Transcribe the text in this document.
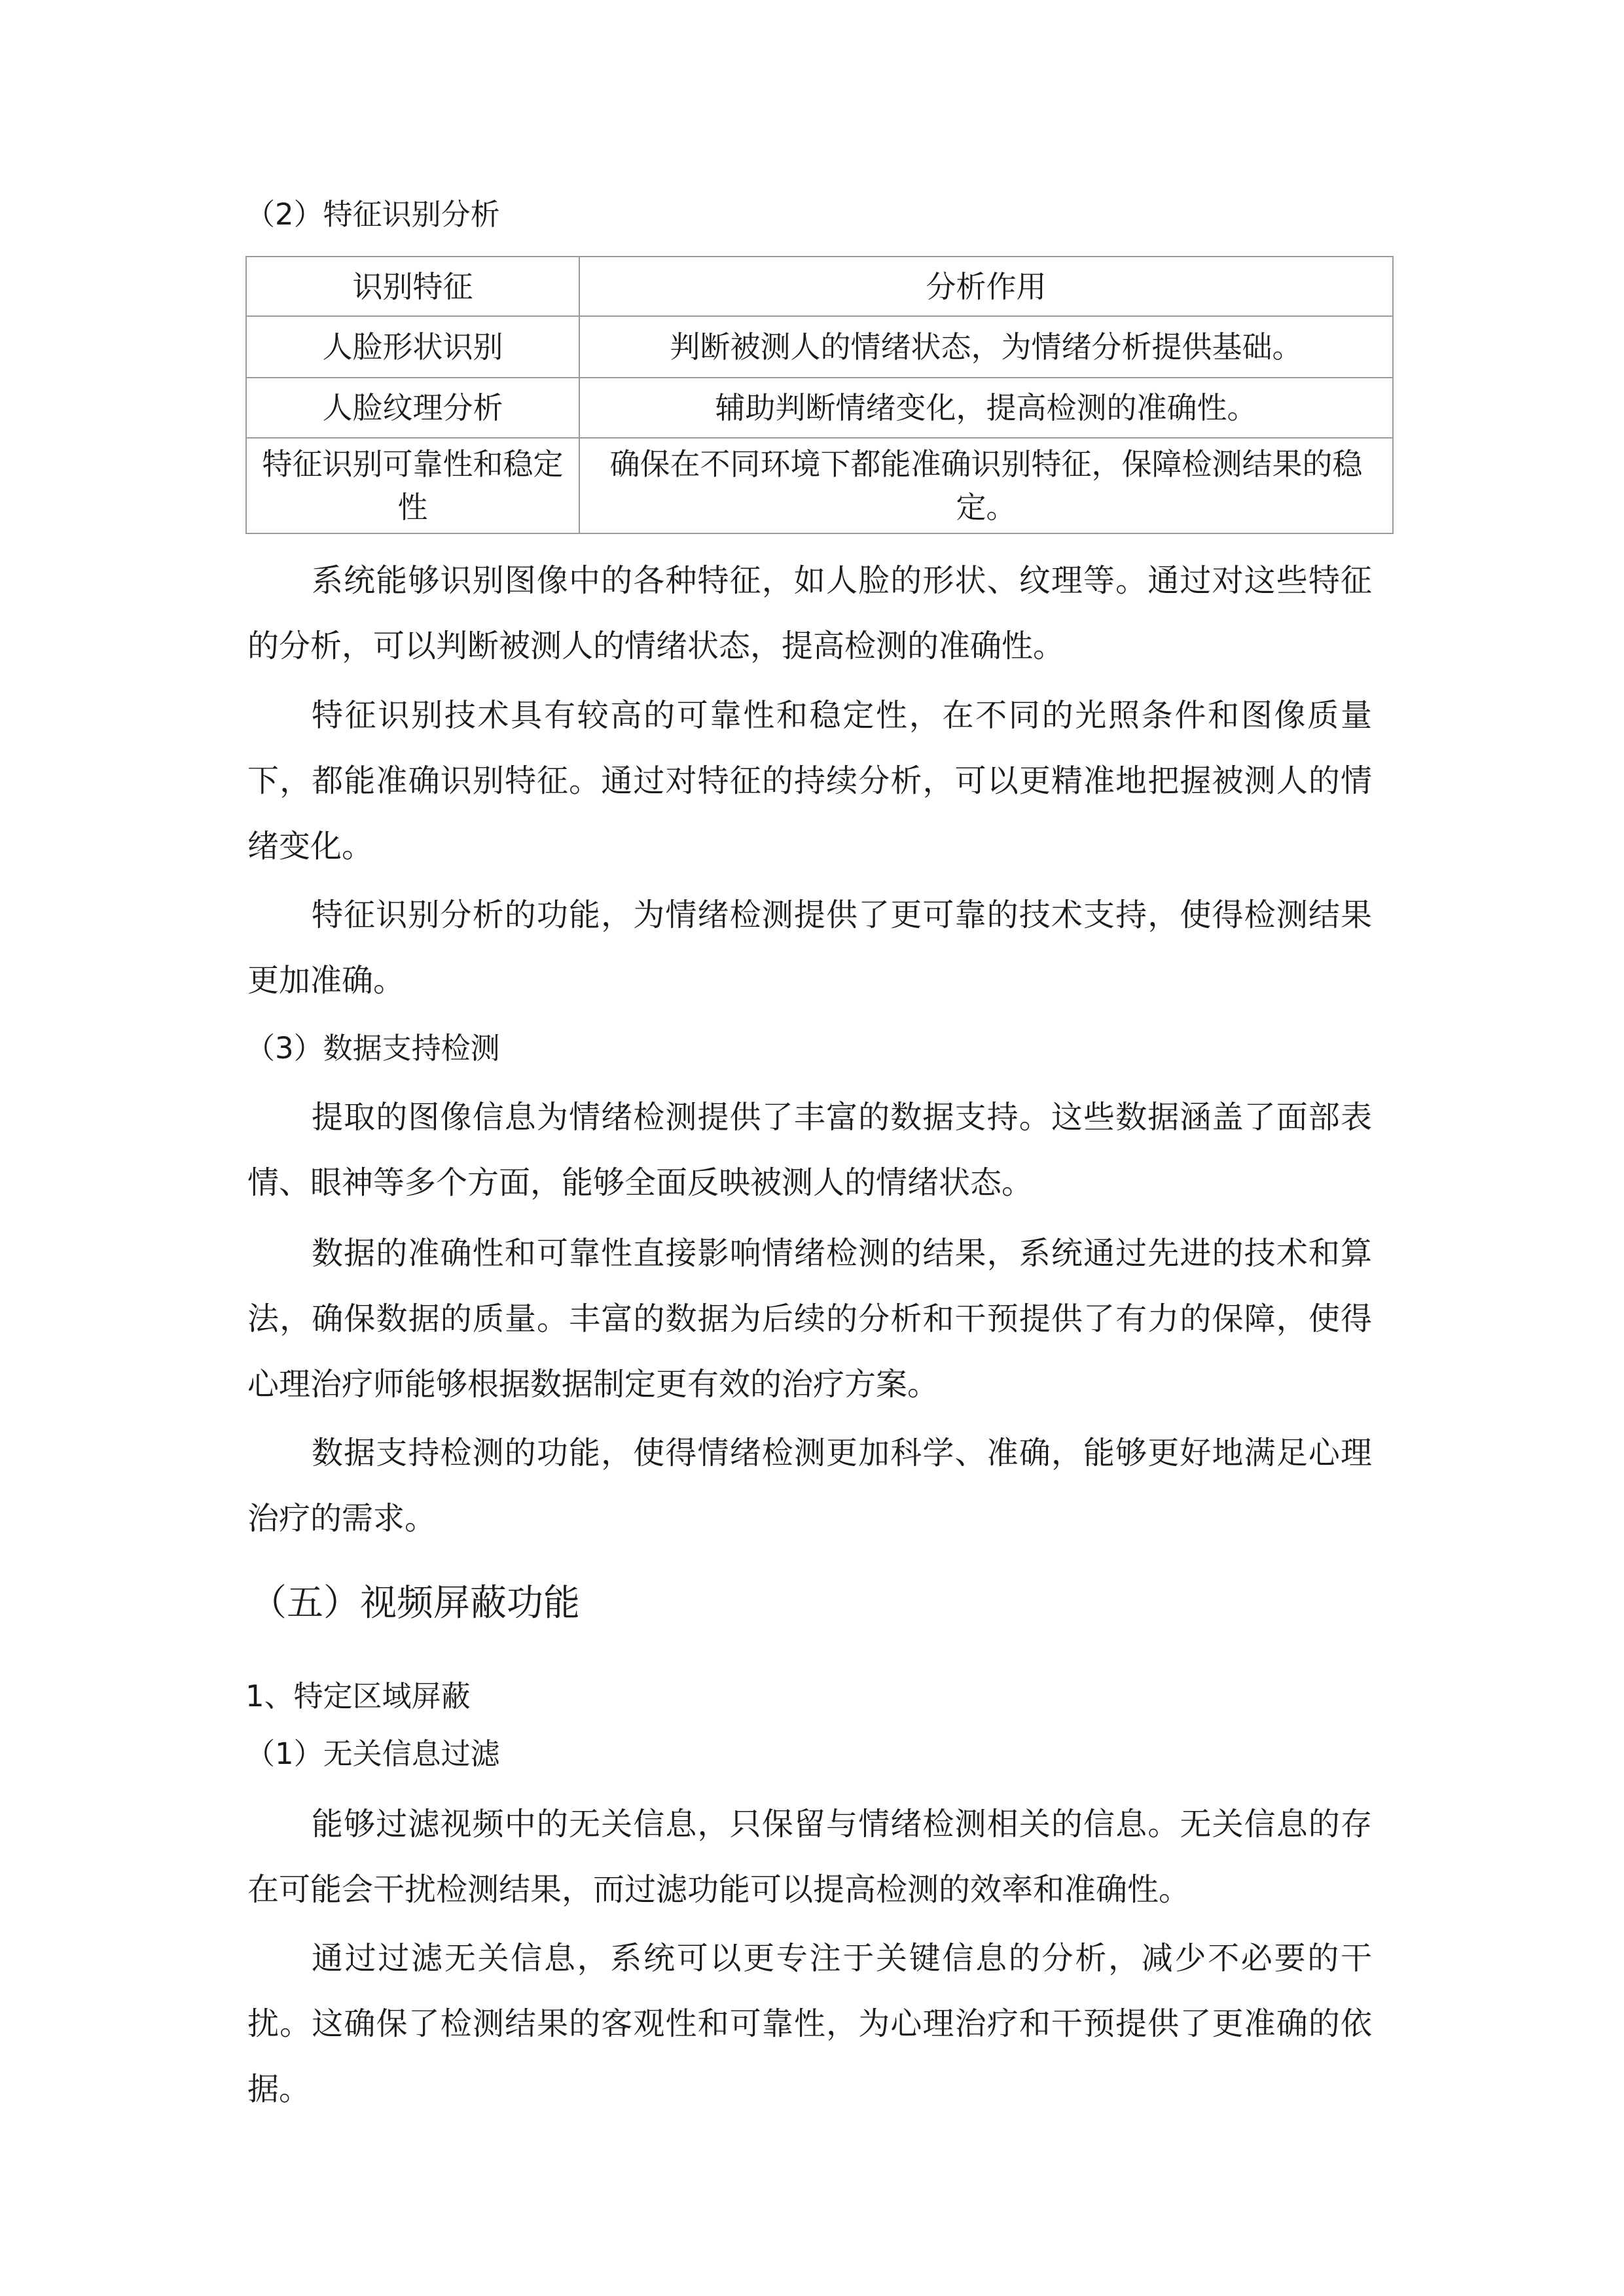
（2）特征识别分析
识别特征	分析作用
人脸形状识别	判断被测人的情绪状态，为情绪分析提供基础。
人脸纹理分析	辅助判断情绪变化，提高检测的准确性。
特征识别可靠性和稳定性	确保在不同环境下都能准确识别特征，保障检测结果的稳定。

系统能够识别图像中的各种特征，如人脸的形状、纹理等。通过对这些特征的分析，可以判断被测人的情绪状态，提高检测的准确性。

特征识别技术具有较高的可靠性和稳定性，在不同的光照条件和图像质量下，都能准确识别特征。通过对特征的持续分析，可以更精准地把握被测人的情绪变化。

特征识别分析的功能，为情绪检测提供了更可靠的技术支持，使得检测结果更加准确。

（3）数据支持检测

提取的图像信息为情绪检测提供了丰富的数据支持。这些数据涵盖了面部表情、眼神等多个方面，能够全面反映被测人的情绪状态。

数据的准确性和可靠性直接影响情绪检测的结果，系统通过先进的技术和算法，确保数据的质量。丰富的数据为后续的分析和干预提供了有力的保障，使得心理治疗师能够根据数据制定更有效的治疗方案。

数据支持检测的功能，使得情绪检测更加科学、准确，能够更好地满足心理治疗的需求。

（五）视频屏蔽功能
1、特定区域屏蔽
（1）无关信息过滤

能够过滤视频中的无关信息，只保留与情绪检测相关的信息。无关信息的存在可能会干扰检测结果，而过滤功能可以提高检测的效率和准确性。

通过过滤无关信息，系统可以更专注于关键信息的分析，减少不必要的干扰。这确保了检测结果的客观性和可靠性，为心理治疗和干预提供了更准确的依据。
